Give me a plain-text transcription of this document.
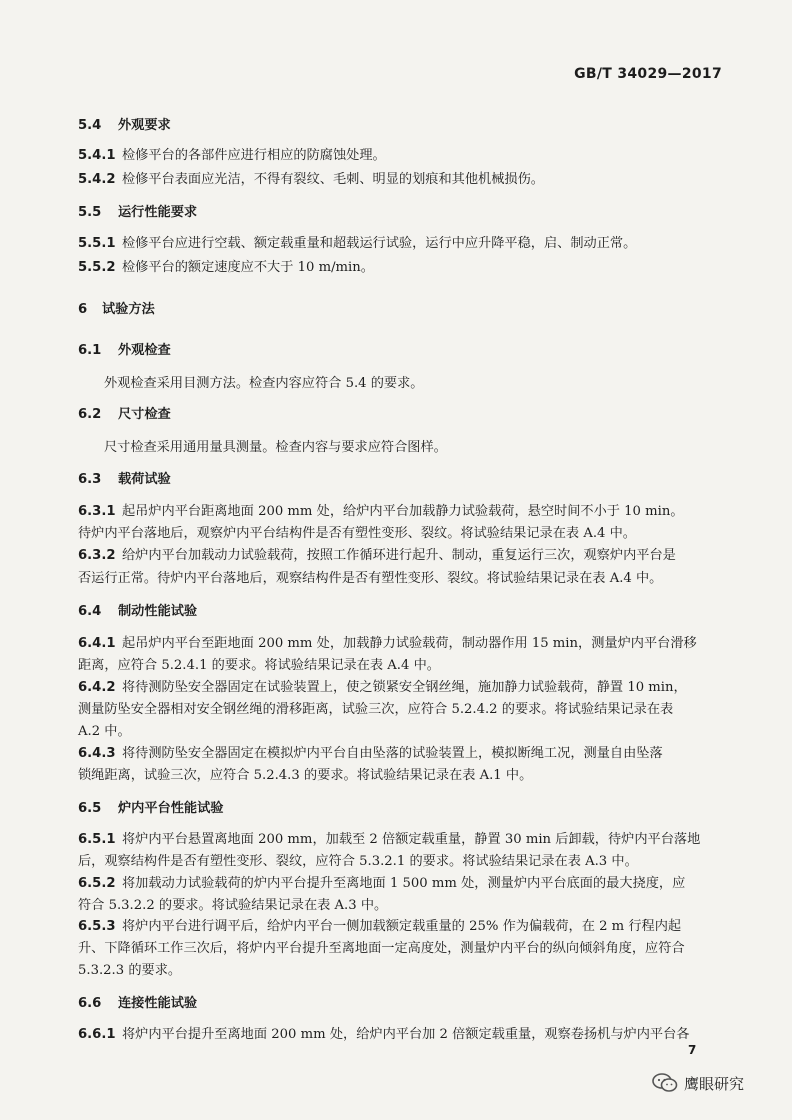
GB/T 34029—2017
5.4 外观要求
5.4.1 检修平台的各部件应进行相应的防腐蚀处理。
5.4.2 检修平台表面应光洁，不得有裂纹、毛刺、明显的划痕和其他机械损伤。
5.5 运行性能要求
5.5.1 检修平台应进行空载、额定载重量和超载运行试验，运行中应升降平稳，启、制动正常。
5.5.2 检修平台的额定速度应不大于 10 m/min。
6 试验方法
6.1 外观检查
外观检查采用目测方法。检查内容应符合 5.4 的要求。
6.2 尺寸检查
尺寸检查采用通用量具测量。检查内容与要求应符合图样。
6.3 载荷试验
6.3.1 起吊炉内平台距离地面 200 mm 处，给炉内平台加载静力试验载荷，悬空时间不小于 10 min。
待炉内平台落地后，观察炉内平台结构件是否有塑性变形、裂纹。将试验结果记录在表 A.4 中。
6.3.2 给炉内平台加载动力试验载荷，按照工作循环进行起升、制动，重复运行三次，观察炉内平台是
否运行正常。待炉内平台落地后，观察结构件是否有塑性变形、裂纹。将试验结果记录在表 A.4 中。
6.4 制动性能试验
6.4.1 起吊炉内平台至距地面 200 mm 处，加载静力试验载荷，制动器作用 15 min，测量炉内平台滑移
距离，应符合 5.2.4.1 的要求。将试验结果记录在表 A.4 中。
6.4.2 将待测防坠安全器固定在试验装置上，使之锁紧安全钢丝绳，施加静力试验载荷，静置 10 min，
测量防坠安全器相对安全钢丝绳的滑移距离，试验三次，应符合 5.2.4.2 的要求。将试验结果记录在表
A.2 中。
6.4.3 将待测防坠安全器固定在模拟炉内平台自由坠落的试验装置上，模拟断绳工况，测量自由坠落
锁绳距离，试验三次，应符合 5.2.4.3 的要求。将试验结果记录在表 A.1 中。
6.5 炉内平台性能试验
6.5.1 将炉内平台悬置离地面 200 mm，加载至 2 倍额定载重量，静置 30 min 后卸载，待炉内平台落地
后，观察结构件是否有塑性变形、裂纹，应符合 5.3.2.1 的要求。将试验结果记录在表 A.3 中。
6.5.2 将加载动力试验载荷的炉内平台提升至离地面 1 500 mm 处，测量炉内平台底面的最大挠度，应
符合 5.3.2.2 的要求。将试验结果记录在表 A.3 中。
6.5.3 将炉内平台进行调平后，给炉内平台一侧加载额定载重量的 25% 作为偏载荷，在 2 m 行程内起
升、下降循环工作三次后，将炉内平台提升至离地面一定高度处，测量炉内平台的纵向倾斜角度，应符合
5.3.2.3 的要求。
6.6 连接性能试验
6.6.1 将炉内平台提升至离地面 200 mm 处，给炉内平台加 2 倍额定载重量，观察卷扬机与炉内平台各
7
鹰眼研究
